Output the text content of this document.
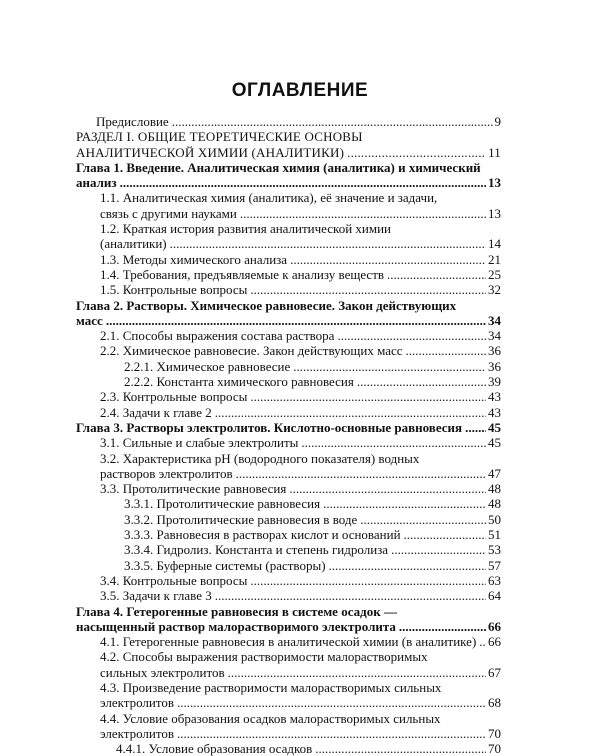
ОГЛАВЛЕНИЕ
Предисловие .....	9
РАЗДЕЛ I. ОБЩИЕ ТЕОРЕТИЧЕСКИЕ ОСНОВЫ АНАЛИТИЧЕСКОЙ ХИМИИ (АНАЛИТИКИ) .....	11
Глава 1. Введение. Аналитическая химия (аналитика) и химический анализ .....	13
1.1. Аналитическая химия (аналитика), её значение и задачи, связь с другими науками .....	13
1.2. Краткая история развития аналитической химии (аналитики) .....	14
1.3. Методы химического анализа .....	21
1.4. Требования, предъявляемые к анализу веществ .....	25
1.5. Контрольные вопросы .....	32
Глава 2. Растворы. Химическое равновесие. Закон действующих масс .....	34
2.1. Способы выражения состава раствора .....	34
2.2. Химическое равновесие. Закон действующих масс .....	36
2.2.1. Химическое равновесие .....	36
2.2.2. Константа химического равновесия .....	39
2.3. Контрольные вопросы .....	43
2.4. Задачи к главе 2 .....	43
Глава 3. Растворы электролитов. Кислотно-основные равновесия .....	45
3.1. Сильные и слабые электролиты .....	45
3.2. Характеристика pH (водородного показателя) водных растворов электролитов .....	47
3.3. Протолитические равновесия .....	48
3.3.1. Протолитические равновесия .....	48
3.3.2. Протолитические равновесия в воде .....	50
3.3.3. Равновесия в растворах кислот и оснований .....	51
3.3.4. Гидролиз. Константа и степень гидролиза .....	53
3.3.5. Буферные системы (растворы) .....	57
3.4. Контрольные вопросы .....	63
3.5. Задачи к главе 3 .....	64
Глава 4. Гетерогенные равновесия в системе осадок — насыщенный раствор малорастворимого электролита .....	66
4.1. Гетерогенные равновесия в аналитической химии (в аналитике) ..... 66
4.2. Способы выражения растворимости малорастворимых сильных электролитов .....	67
4.3. Произведение растворимости малорастворимых сильных электролитов .....	68
4.4. Условие образования осадков малорастворимых сильных электролитов .....	70
4.4.1. Условие образования осадков .....	70
